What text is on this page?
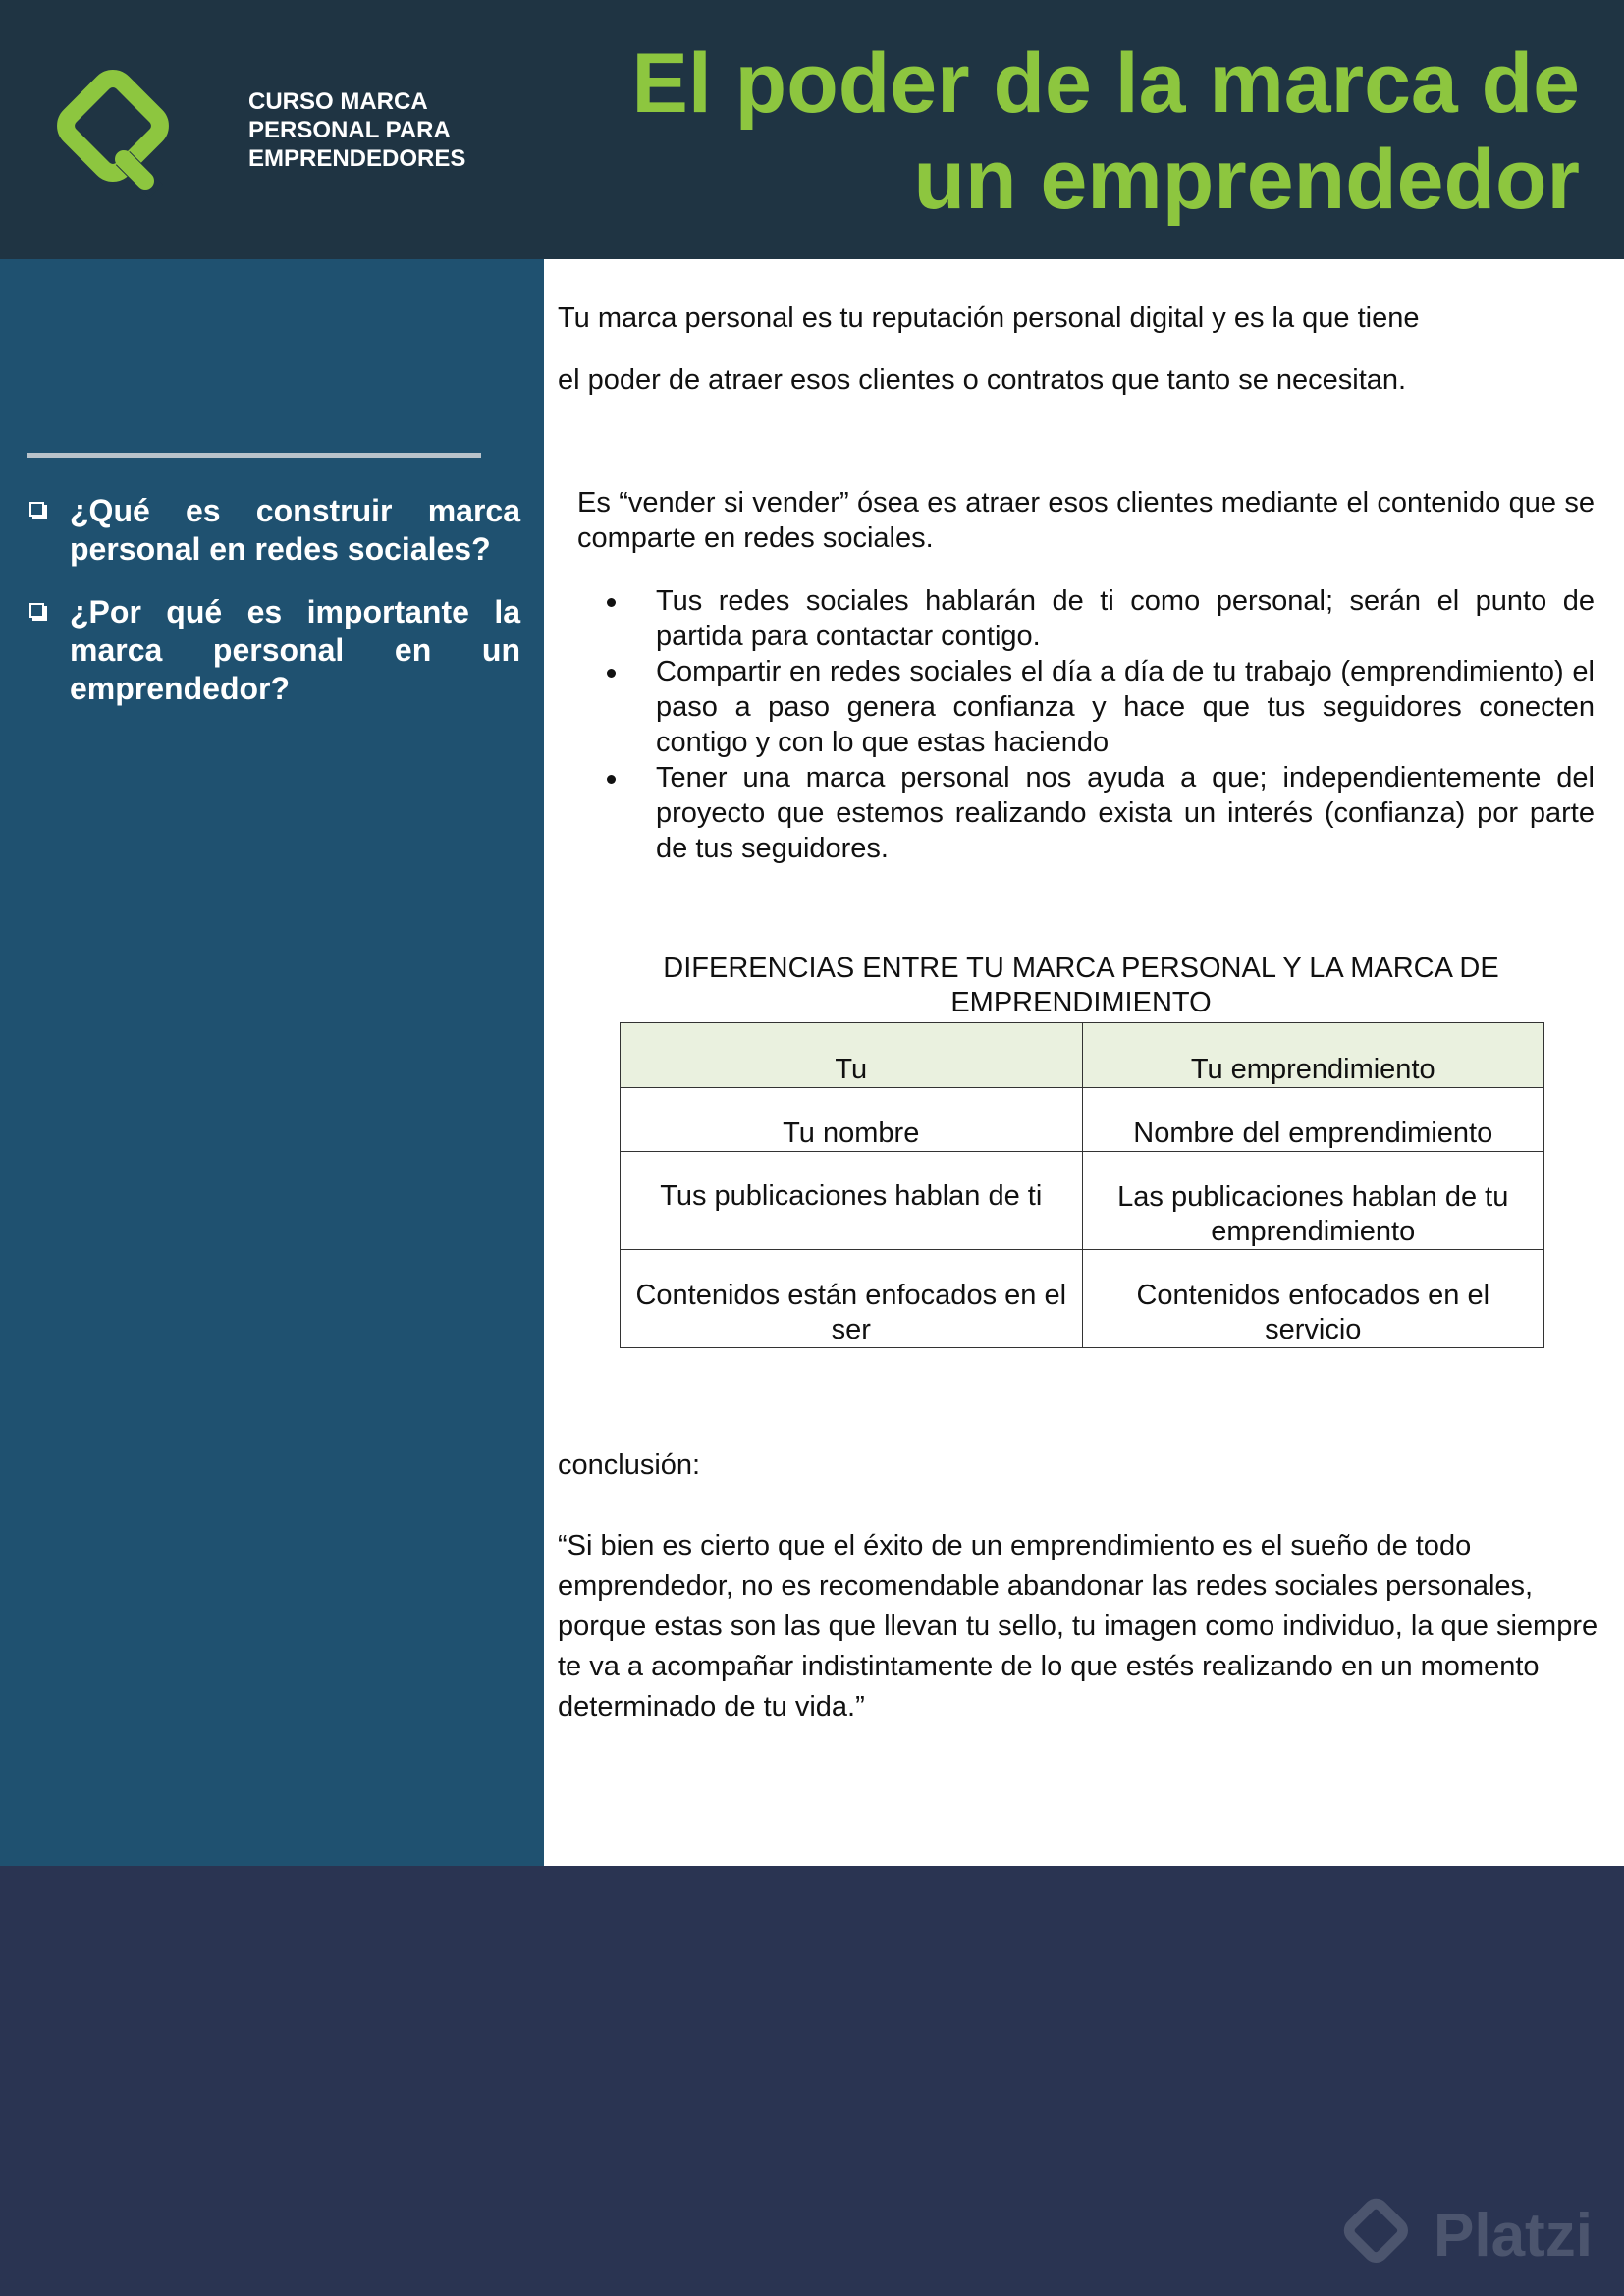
CURSO MARCA
PERSONAL PARA
EMPRENDEDORES
El poder de la marca de
un emprendedor
¿Qué es construir marca personal en redes sociales?
¿Por qué es importante la marca personal en un emprendedor?

Tu marca personal es tu reputación personal digital y es la que tiene

el poder de atraer esos clientes o contratos que tanto se necesitan.

Es “vender si vender” ósea es atraer esos clientes mediante el contenido que se comparte en redes sociales.

Tus redes sociales hablarán de ti como personal; serán el punto de partida para contactar contigo.
Compartir en redes sociales el día a día de tu trabajo (emprendimiento) el paso a paso genera confianza y hace que tus seguidores conecten contigo y con lo que estas haciendo
Tener una marca personal nos ayuda a que; independientemente del proyecto que estemos realizando exista un interés (confianza) por parte de tus seguidores.

DIFERENCIAS ENTRE TU MARCA PERSONAL Y LA MARCA DE EMPRENDIMIENTO

Tu	Tu emprendimiento
Tu nombre	Nombre del emprendimiento
Tus publicaciones hablan de ti	Las publicaciones hablan de tu emprendimiento
Contenidos están enfocados en el ser	Contenidos enfocados en el servicio

conclusión:

“Si bien es cierto que el éxito de un emprendimiento es el sueño de todo emprendedor, no es recomendable abandonar las redes sociales personales, porque estas son las que llevan tu sello, tu imagen como individuo, la que siempre te va a acompañar indistintamente de lo que estés realizando en un momento determinado de tu vida.”

Platzi
